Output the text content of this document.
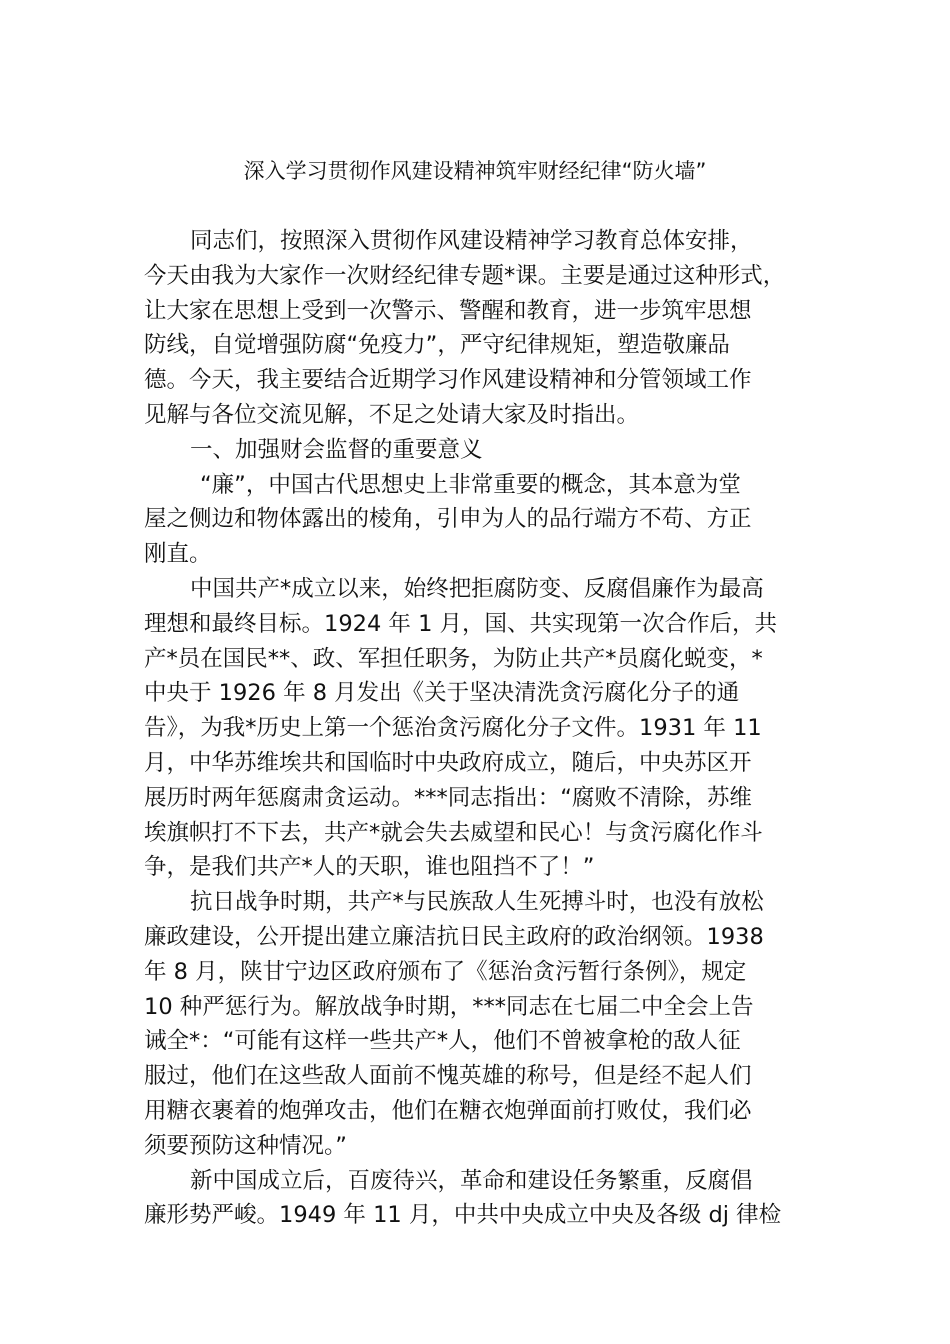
深入学习贯彻作风建设精神筑牢财经纪律“防火墙”
同志们，按照深入贯彻作风建设精神学习教育总体安排，
今天由我为大家作一次财经纪律专题*课。主要是通过这种形式，
让大家在思想上受到一次警示、警醒和教育，进一步筑牢思想
防线，自觉增强防腐“免疫力”，严守纪律规矩，塑造敬廉品
德。今天，我主要结合近期学习作风建设精神和分管领域工作
见解与各位交流见解，不足之处请大家及时指出。
一、加强财会监督的重要意义
“廉”，中国古代思想史上非常重要的概念，其本意为堂
屋之侧边和物体露出的棱角，引申为人的品行端方不苟、方正
刚直。
中国共产*成立以来，始终把拒腐防变、反腐倡廉作为最高
理想和最终目标。1924 年 1 月，国、共实现第一次合作后，共
产*员在国民**、政、军担任职务，为防止共产*员腐化蜕变，*
中央于 1926 年 8 月发出《关于坚决清洗贪污腐化分子的通
告》，为我*历史上第一个惩治贪污腐化分子文件。1931 年 11
月，中华苏维埃共和国临时中央政府成立，随后，中央苏区开
展历时两年惩腐肃贪运动。***同志指出：“腐败不清除，苏维
埃旗帜打不下去，共产*就会失去威望和民心！与贪污腐化作斗
争，是我们共产*人的天职，谁也阻挡不了！”
抗日战争时期，共产*与民族敌人生死搏斗时，也没有放松
廉政建设，公开提出建立廉洁抗日民主政府的政治纲领。1938
年 8 月，陕甘宁边区政府颁布了《惩治贪污暂行条例》，规定
10 种严惩行为。解放战争时期，***同志在七届二中全会上告
诫全*：“可能有这样一些共产*人，他们不曾被拿枪的敌人征
服过，他们在这些敌人面前不愧英雄的称号，但是经不起人们
用糖衣裹着的炮弹攻击，他们在糖衣炮弹面前打败仗，我们必
须要预防这种情况。”
新中国成立后，百废待兴，革命和建设任务繁重，反腐倡
廉形势严峻。1949 年 11 月，中共中央成立中央及各级 dj 律检
